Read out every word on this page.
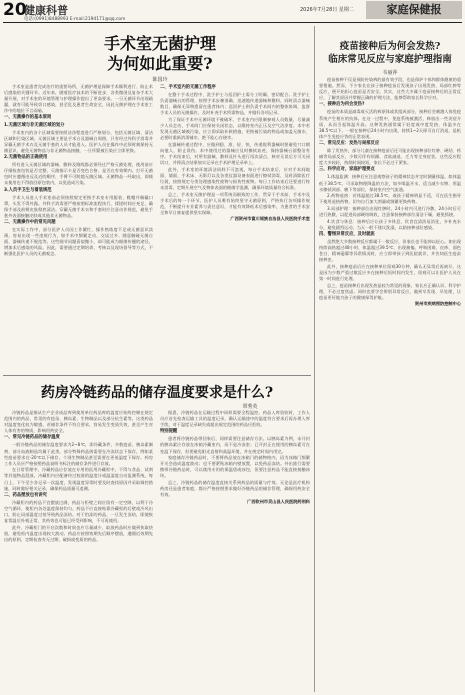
20
健康科普
电话:(0991)8488993 E-mail:2194171@qq.com
2026年7月28日 星期二	家庭保健报
手术室无菌护理
为何如此重要?
陈国玲

手术室是患者完成治疗的重要场所，无菌护理是保障手术顺利进行、防止术后感染的关键环节。近年来，随着医疗技术的不断进步，各类微创及复杂手术大量开展，对手术室的环境管理与护理操作提出了更高要求。一旦无菌环节出现疏漏，就有可能导致切口感染，甚至危及患者生命安全，因此无菌护理在手术室工作中的地位不言而喻。

一、无菌操作的基本原则
1.无菌区域与非无菌区域的划分

手术室内的各个区域需要按照洁净程度进行严格划分，包括无菌区域、清洁区域和污染区域。无菌区域主要是手术台及器械台周围，只有经过外科手消毒并穿戴无菌手术衣及无菌手套的人员才能进入。医护人员在操作中必须时刻保持无菌意识，避免无菌物品与非无菌物品接触，一旦怀疑被污染应立即更换。

2.无菌物品的正确使用

所有进入无菌区域的器械、敷料及缝线都必须经过严格灭菌处理，使用前应仔细检查包装是否完整、灭菌指示卡是否变色合格、是否在有效期内。打开无菌包时应遵循由远及近的顺序，手臂不可跨越无菌区域。无菌物品一经取出，即使未使用也不得放回原包装内，以免造成污染。

3.人员手卫生与着装规范

手术人员进入手术室前必须按照规定更换手术室专用服装、鞋帽并佩戴口罩，头发不得外露。外科手消毒要严格按照标准流程执行，揉搓时间应充足，确保手部及前臂皮肤彻底清洁。穿戴无菌手术衣和手套时应注意动作规范，避免手套外表面接触皮肤或其他非无菌物品。

二、无菌操作中的常见问题

在实际工作中，部分医护人员因工作繁忙、操作熟练度不足或无菌意识淡薄，容易出现一些违规行为，如手术中频繁走动、交谈过多、随意触碰无菌台面、器械传递不规范等。这些细节问题看似微小，却可能成为细菌传播的途径，增加术后感染的风险。因此，需要通过定期培训、考核以及现场督导等方式，不断强化医护人员的无菌观念。

二、手术室内的无菌工作程序

在整个手术过程中，洗手护士与巡回护士需分工明确、密切配合。洗手护士负责器械台的管理，按照手术步骤准确、迅速地传递器械和敷料，同时清点器械数目，确保无异物遗留在患者体内；巡回护士则负责手术间内的整体协调，监督手术人员的无菌操作，及时补充手术所需物品，并做好各项记录。

为了保证手术中无菌环境不被破坏，手术室内应限制参观人员数量，尽量减少人员走动，手术间门应保持关闭状态，以维持室内正压及空气洁净度。术中若发现无菌区域被污染，应立即采取补救措施，更换被污染的物品或加盖无菌巾，必要时重新消毒铺巾，绝不能心存侥幸。

在器械传递过程中，应做到稳、准、轻、快，传递锐利器械时要避免刀口朝向他人，防止误伤。术中使用过的器械应及时擦拭血迹，保持器械台面整洁有序。手术结束后，对所有器械、敷料及针头进行再次清点，核对无误后方可关闭切口，并将清点结果如实记录在手术护理记录单上。

此外，手术室的环境清洁同样不可忽视。每台手术结束后，应对手术间地面、墙面、手术床、无影灯以及各类仪器设备表面进行擦拭消毒，及时清除医疗垃圾，按照规定分类处理感染性废物与损伤性废物。每日工作结束后还要进行终末消毒，定期开展空气及物体表面的细菌学监测，确保环境质量符合标准。

总之，手术室无菌护理是一项系统而细致的工作，贯穿于手术前、手术中及手术后的每一个环节。医护人员唯有始终坚守无菌原则，严格执行各项操作规范，不断提升专业素养与责任意识，才能有效降低术后感染率，为患者的手术安全和早日康复提供坚实保障。

广西贺州市富川瑶族自治县人民医院手术室
药房冷链药品的储存温度要求是什么?
覃秀英

冷链药品是指从生产企业成品库到使用单位药品库的温度应始终控制在规定范围内的药品，常见的有疫苗、胰岛素、生物制品以及部分抗生素等。这类药品对温度变化较为敏感，若储存条件不符合要求，容易发生变质失效，甚至产生对人体有害的物质，影响用药安全。

一、常见冷链药品的储存温度

一般冷链药品的储存温度要求为2~8℃，即冷藏条件，多数疫苗、胰岛素制剂、部分血液制品均属于此类。部分特殊药品则需要在冷冻状态下保存，例如某些疫苗要求在-20℃以下储存，个别生物制品甚至需要在更低温度下保存。药房工作人员应严格按照药品说明书标注的储存条件进行存放。

在日常管理中，冷藏药品应存放在专用的医用冷藏柜中，不得与食品、试剂等其他物品混放。冷藏柜内应配备经过校准的温度计或温湿度自动监测系统，每日上、下午至少各记录一次温度，发现温度异常时要及时查找原因并采取调控措施，同时做好相关记录，确保药品质量可追溯。

二、药品摆放也有讲究

冷藏柜内的药品不宜摆放过满，药品与柜壁之间应留有一定空隙，以利于冷空气循环，使柜内各处温度保持均匀。药品不应直接贴靠冷藏柜的后壁或冷风出口，防止局部温度过低导致药品冻结。对于怕冻的药品，一旦发生冻结，即使恢复常温后外观正常，其药效也可能已经受到影响，不可再使用。

此外，冷藏柜门的开启次数和时间也应尽量减少，取放药品时应做到快取快放，避免柜内温度出现较大波动。药品应按照效期先后顺序摆放，遵循近效期先出的原则，定期检查有无过期、破损或变质的药品。

据悉，冷链药品在运输过程中同样需要全程温控。药品入库验收时，工作人员应首先检查运输工具的温度记录，确认运输途中的温度符合要求后再办理入库手续，对于温度记录缺失或超出规定范围的药品应拒收。

特别提醒

患者将冷链药品带回家后，同样需要注意储存方法。以胰岛素为例，未开封的胰岛素应存放在冰箱冷藏室内，而不是冷冻室；已开封正在使用的胰岛素可在室温下保存，但要避免阳光直射和高温环境，并在规定时间内用完。

家庭储存冷链药品时，不要将药品放在冰箱门的储物格内，因为冰箱门频繁开关会造成温度波动；也不要紧贴冰箱内壁放置，以免药品冻结。外出旅行需要携带冷链药品时，可以使用专用的保温袋或冰包，但要注意药品不能直接接触冰块。

总之，冷链药品的储存温度直接关系到药品的质量与疗效。无论是医疗机构药房还是患者家庭，都应严格按照要求做好冷链药品的储存管理，确保用药安全有效。

广西钦州市灵山县人民医院药剂科
疫苗接种后为何会发热?
临床常见反应与家庭护理指南
韦丽萍

疫苗接种不仅是预防传染病的最有效手段，也是保护个体和群体健康的重要措施。然而，不少家长在孩子接种疫苗后发现孩子出现发热、局部红肿等反应，便开始担心疫苗是否安全。其实，这些大多属于疫苗接种后的正常反应，了解其原因并掌握正确的护理方法，能够帮助家长科学应对。

一、接种后为何会发热?

疫苗的本质是减毒或灭活的病原体或其组成部分，接种后会刺激人体免疫系统产生相应的抗体。在这一过程中，免疫系统被激活，释放出一些炎症介质，从而引起体温升高。这种发热通常属于轻度或中度发热，体温多在38.5℃以下，一般在接种后24小时内出现，持续1~2天即可自行消退，是机体产生免疫应答的正常表现。

二、常见反应：发热与局部反应

除了发热外，部分儿童在接种疫苗后还可能出现接种部位红肿、硬结、疼痛等局部反应，少数可伴有烦躁、食欲减退、乏力等全身症状。这些反应程度大多较轻，持续时间较短，家长不必过于紧张。

三、科学应对，家庭护理要点

1.体温监测：接种后应注意观察孩子的精神状态并定时测量体温。如体温低于38.5℃，可采取物理降温的方法，如多喝温开水、适当减少衣物、用温水擦拭颈部、腋下等部位，保持室内空气流通。

2.药物退热：若体温超过38.5℃，或孩子精神明显不适，可在医生指导下使用退热药物，切勿自行加大剂量或频繁更换药物。

3.局部护理：接种部位出现红肿时，24小时内可进行冷敷，24小时后可进行热敷，以促进局部硬结吸收，注意保持接种部位清洁干燥，避免抓挠。

4.饮食与休息：接种后应让孩子多休息，饮食宜清淡易消化，多补充水分，避免剧烈运动。当天一般不建议洗澡，以防接种部位感染。

四、警惕异常反应，及时就医

虽然绝大多数接种反应都属于一般反应，但家长也不能掉以轻心。如出现持续高热超过48小时、体温超过39.5℃、出现抽搐、呼吸困难、皮疹、面色苍白、精神萎靡等异常情况时，应立即带孩子到医院就诊，并告知医生疫苗接种史。

此外，接种疫苗后应在接种单位留观30分钟，确认无异常后再离开。这是因为少数严重过敏反应多在接种后短时间内发生，留观可以让医护人员在第一时间进行处理。

总之，疫苗接种后出现发热是较为常见的现象，家长应正确认识、科学护理，不必过度焦虑。同时也要学会辨别异常反应，做到早发现、早处理，让疫苗更好地为孩子的健康保驾护航。

贺州市疾病预防控制中心
